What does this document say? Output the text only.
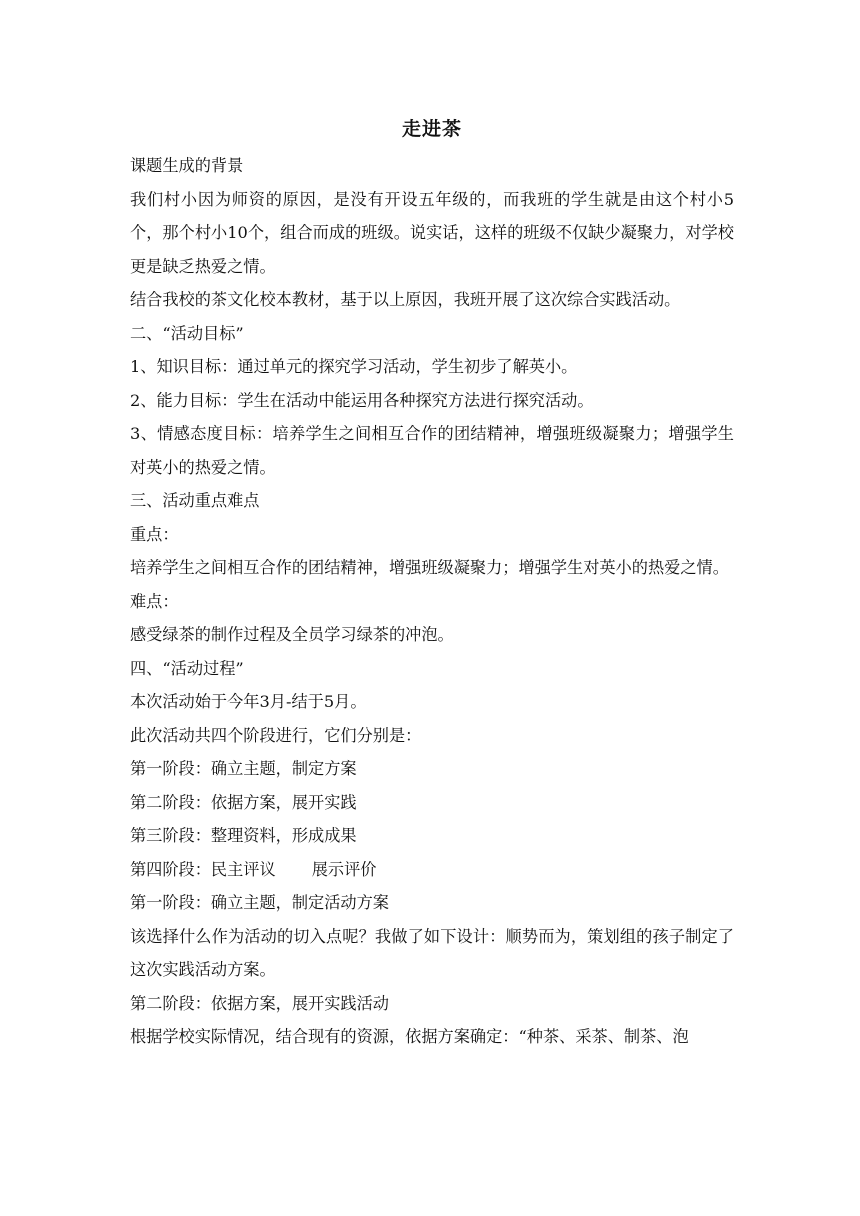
走进茶

课题生成的背景

我们村小因为师资的原因，是没有开设五年级的，而我班的学生就是由这个村小5个，那个村小10个，组合而成的班级。说实话，这样的班级不仅缺少凝聚力，对学校更是缺乏热爱之情。

结合我校的茶文化校本教材，基于以上原因，我班开展了这次综合实践活动。

二、“活动目标”

1、知识目标：通过单元的探究学习活动，学生初步了解英小。

2、能力目标：学生在活动中能运用各种探究方法进行探究活动。

3、情感态度目标：培养学生之间相互合作的团结精神，增强班级凝聚力；增强学生对英小的热爱之情。

三、活动重点难点

重点：

培养学生之间相互合作的团结精神，增强班级凝聚力；增强学生对英小的热爱之情。

难点：

感受绿茶的制作过程及全员学习绿茶的冲泡。

四、“活动过程”

本次活动始于今年3月-结于5月。

此次活动共四个阶段进行，它们分别是：

第一阶段：确立主题，制定方案

第二阶段：依据方案，展开实践

第三阶段：整理资料，形成成果

第四阶段：民主评议       展示评价

第一阶段：确立主题，制定活动方案

该选择什么作为活动的切入点呢？我做了如下设计：顺势而为，策划组的孩子制定了这次实践活动方案。

第二阶段：依据方案，展开实践活动

根据学校实际情况，结合现有的资源，依据方案确定：“种茶、采茶、制茶、泡
